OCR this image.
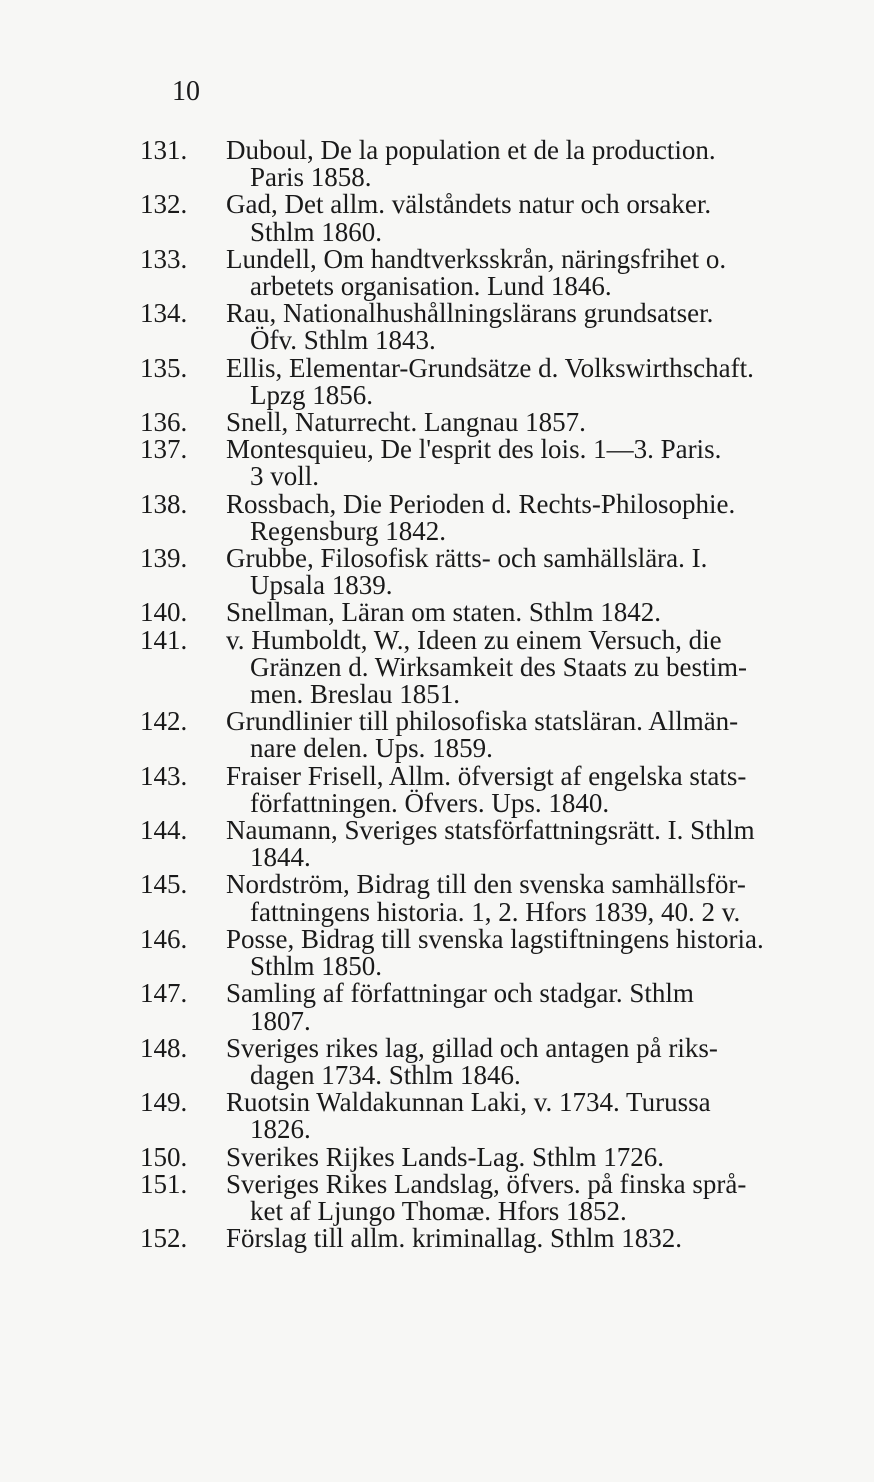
10
131.	Duboul, De la population et de la production.
Paris 1858.
132.	Gad, Det allm. välståndets natur och orsaker.
Sthlm 1860.
133.	Lundell, Om handtverksskrån, näringsfrihet o.
arbetets organisation. Lund 1846.
134.	Rau, Nationalhushållningslärans grundsatser.
Öfv. Sthlm 1843.
135.	Ellis, Elementar-Grundsätze d. Volkswirthschaft.
Lpzg 1856.
136.	Snell, Naturrecht. Langnau 1857.
137.	Montesquieu, De l'esprit des lois. 1—3. Paris.
3 voll.
138.	Rossbach, Die Perioden d. Rechts-Philosophie.
Regensburg 1842.
139.	Grubbe, Filosofisk rätts- och samhällslära. I.
Upsala 1839.
140.	Snellman, Läran om staten. Sthlm 1842.
141.	v. Humboldt, W., Ideen zu einem Versuch, die
Gränzen d. Wirksamkeit des Staats zu bestim-
men. Breslau 1851.
142.	Grundlinier till philosofiska statsläran. Allmän-
nare delen. Ups. 1859.
143.	Fraiser Frisell, Allm. öfversigt af engelska stats-
författningen. Öfvers. Ups. 1840.
144.	Naumann, Sveriges statsförfattningsrätt. I. Sthlm
1844.
145.	Nordström, Bidrag till den svenska samhällsför-
fattningens historia. 1, 2. Hfors 1839, 40. 2 v.
146.	Posse, Bidrag till svenska lagstiftningens historia.
Sthlm 1850.
147.	Samling af författningar och stadgar. Sthlm
1807.
148.	Sveriges rikes lag, gillad och antagen på riks-
dagen 1734. Sthlm 1846.
149.	Ruotsin Waldakunnan Laki, v. 1734. Turussa
1826.
150.	Sverikes Rijkes Lands-Lag. Sthlm 1726.
151.	Sveriges Rikes Landslag, öfvers. på finska språ-
ket af Ljungo Thomæ. Hfors 1852.
152.	Förslag till allm. kriminallag. Sthlm 1832.
